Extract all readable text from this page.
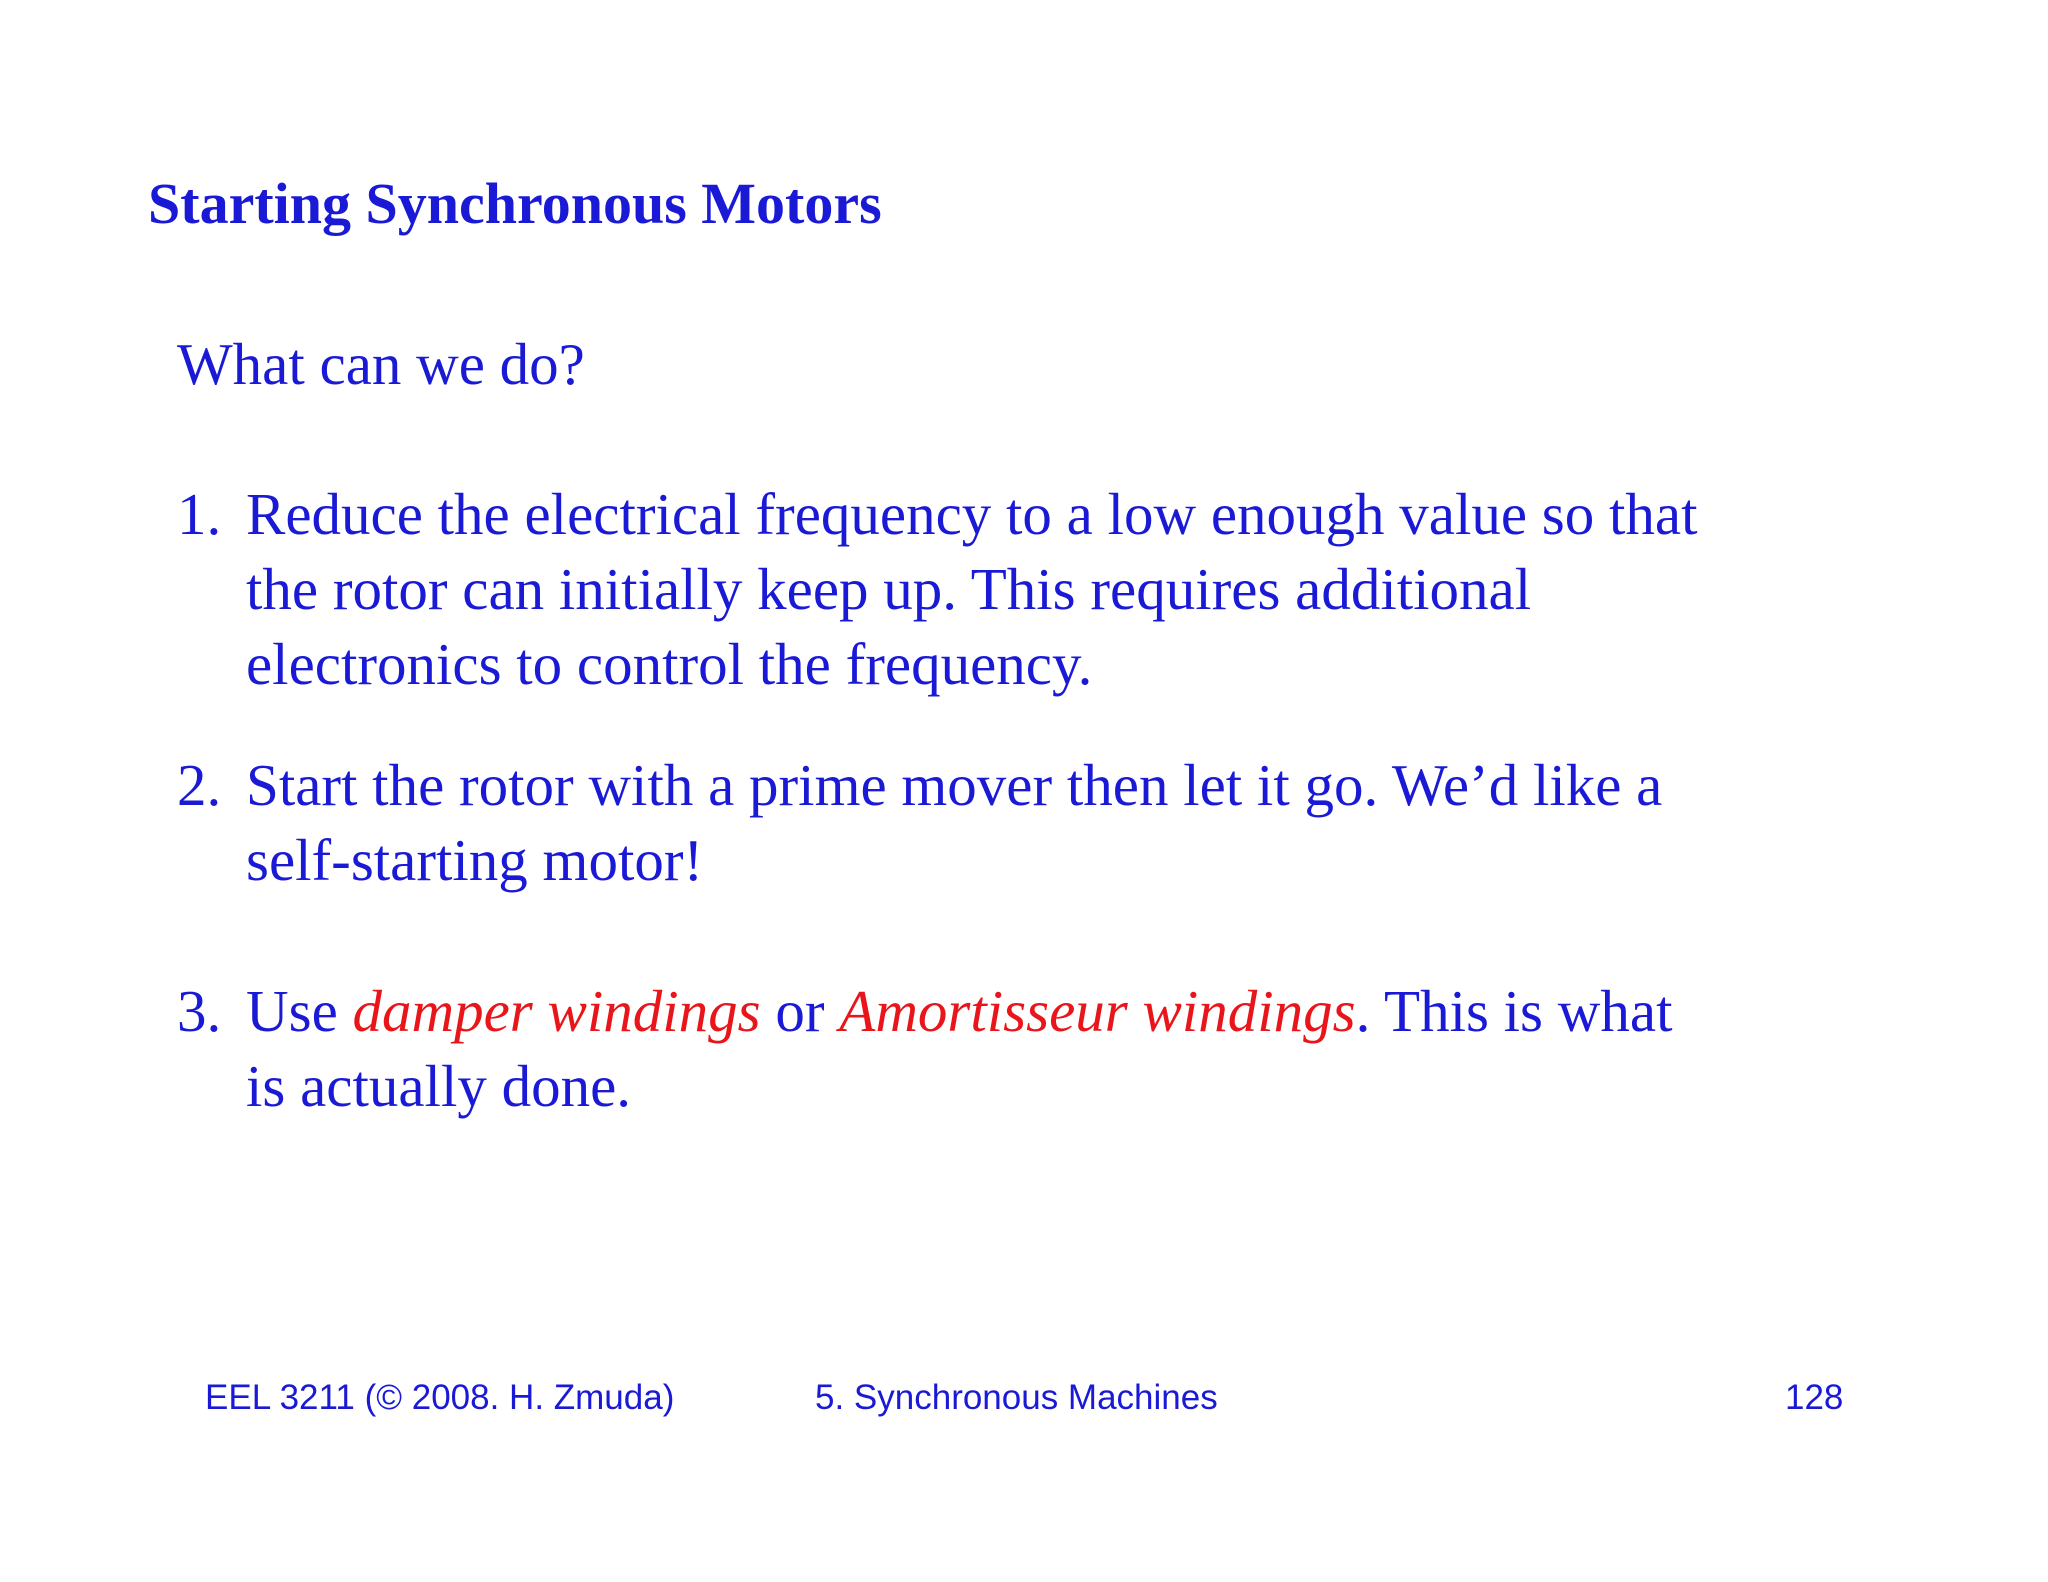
Starting Synchronous Motors
What can we do?
1. Reduce the electrical frequency to a low enough value so that
the rotor can initially keep up. This requires additional
electronics to control the frequency.
2. Start the rotor with a prime mover then let it go. We’d like a
self-starting motor!
3. Use damper windings or Amortisseur windings. This is what
is actually done.
EEL 3211 (© 2008. H. Zmuda)	5. Synchronous Machines	128
